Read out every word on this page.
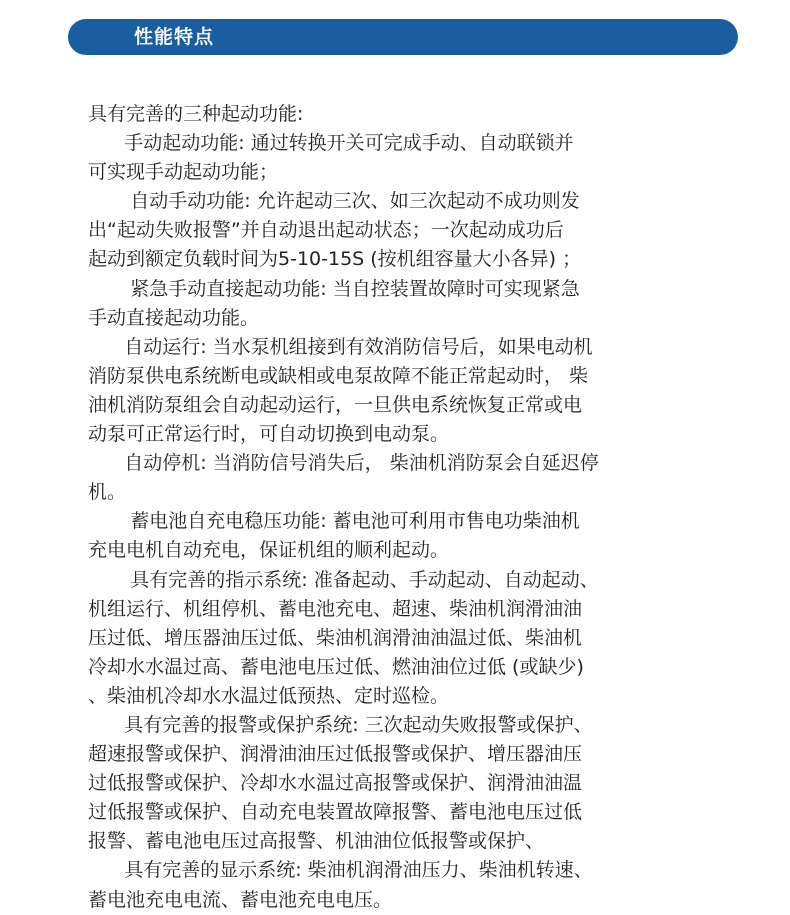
性能特点
具有完善的三种起动功能:
手动起动功能: 通过转换开关可完成手动、自动联锁并
可实现手动起动功能；
自动手动功能: 允许起动三次、如三次起动不成功则发
出“起动失败报警”并自动退出起动状态；一次起动成功后
起动到额定负载时间为5-10-15S (按机组容量大小各异) ；
紧急手动直接起动功能: 当自控装置故障时可实现紧急
手动直接起动功能。
自动运行: 当水泵机组接到有效消防信号后，如果电动机
消防泵供电系统断电或缺相或电泵故障不能正常起动时， 柴
油机消防泵组会自动起动运行，一旦供电系统恢复正常或电
动泵可正常运行时，可自动切换到电动泵。
自动停机: 当消防信号消失后， 柴油机消防泵会自延迟停
机。
蓄电池自充电稳压功能: 蓄电池可利用市售电功柴油机
充电电机自动充电，保证机组的顺利起动。
具有完善的指示系统: 准备起动、手动起动、自动起动、
机组运行、机组停机、蓄电池充电、超速、柴油机润滑油油
压过低、增压器油压过低、柴油机润滑油油温过低、柴油机
冷却水水温过高、蓄电池电压过低、燃油油位过低 (或缺少)
、柴油机冷却水水温过低预热、定时巡检。
具有完善的报警或保护系统: 三次起动失败报警或保护、
超速报警或保护、润滑油油压过低报警或保护、增压器油压
过低报警或保护、冷却水水温过高报警或保护、润滑油油温
过低报警或保护、自动充电装置故障报警、蓄电池电压过低
报警、蓄电池电压过高报警、机油油位低报警或保护、
具有完善的显示系统: 柴油机润滑油压力、柴油机转速、
蓄电池充电电流、蓄电池充电电压。
